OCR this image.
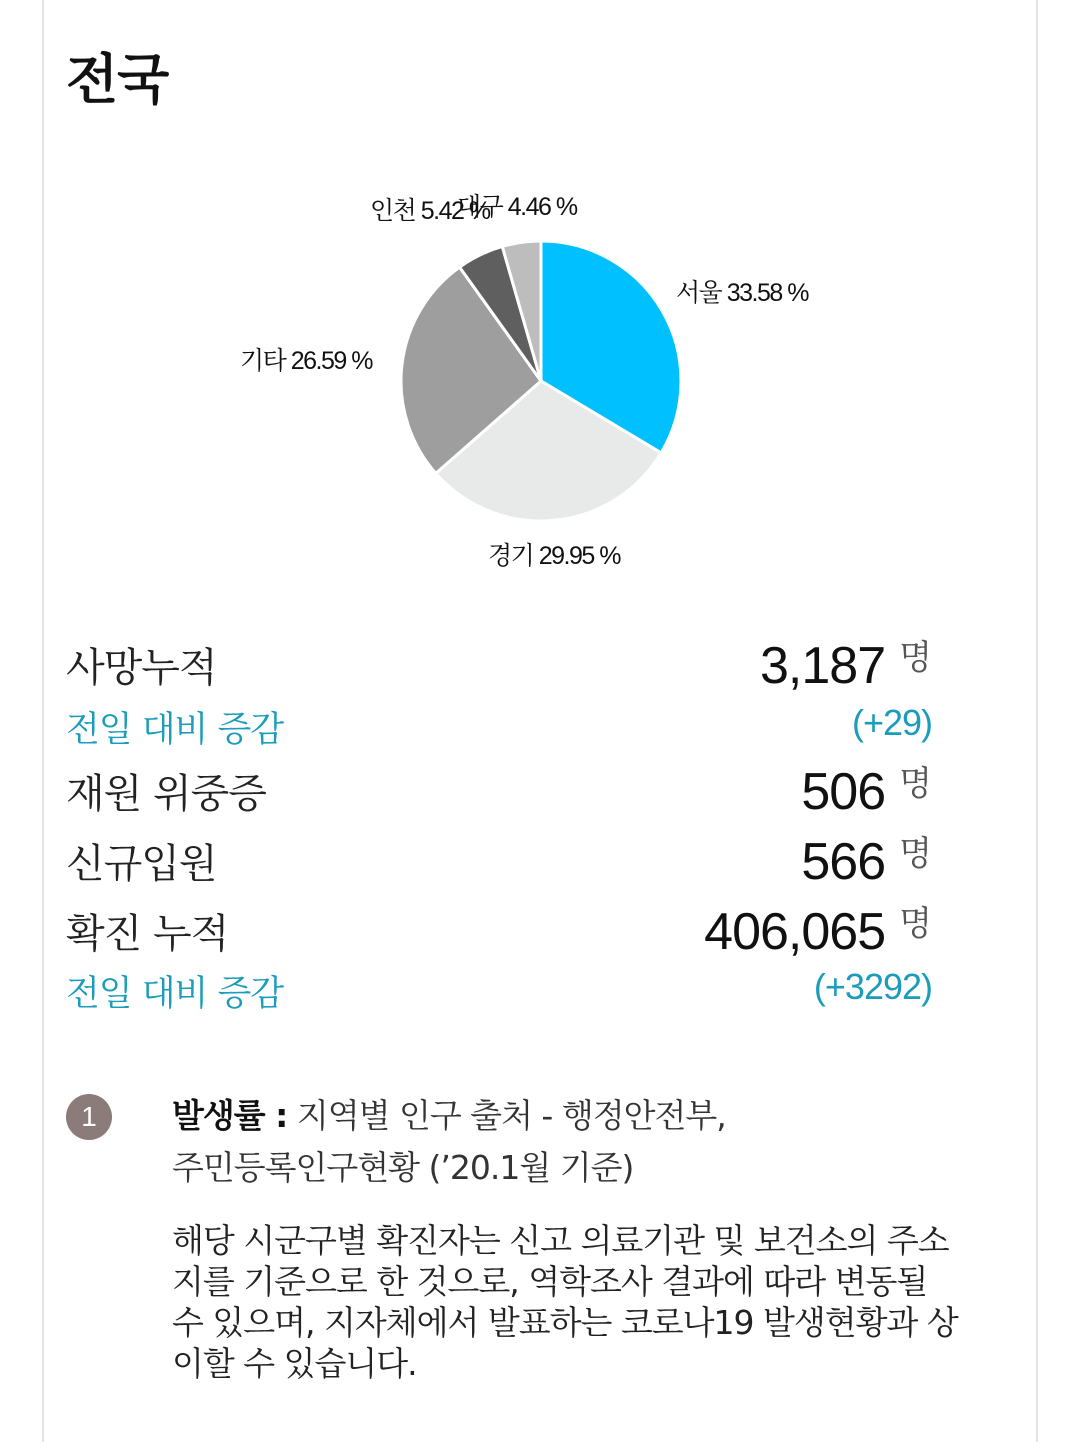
전국
서울 33.58 %
경기 29.95 %
기타 26.59 %
인천 5.42 %
대구 4.46 %
사망누적	3,187 명
전일 대비 증감	(+29)
재원 위중증	506 명
신규입원	566 명
확진 누적	406,065 명
전일 대비 증감	(+3292)
1	발생률 : 지역별 인구 출처 - 행정안전부,
주민등록인구현황 (’20.1월 기준)
해당 시군구별 확진자는 신고 의료기관 및 보건소의 주소지를 기준으로 한 것으로, 역학조사 결과에 따라 변동될 수 있으며, 지자체에서 발표하는 코로나19 발생현황과 상이할 수 있습니다.
